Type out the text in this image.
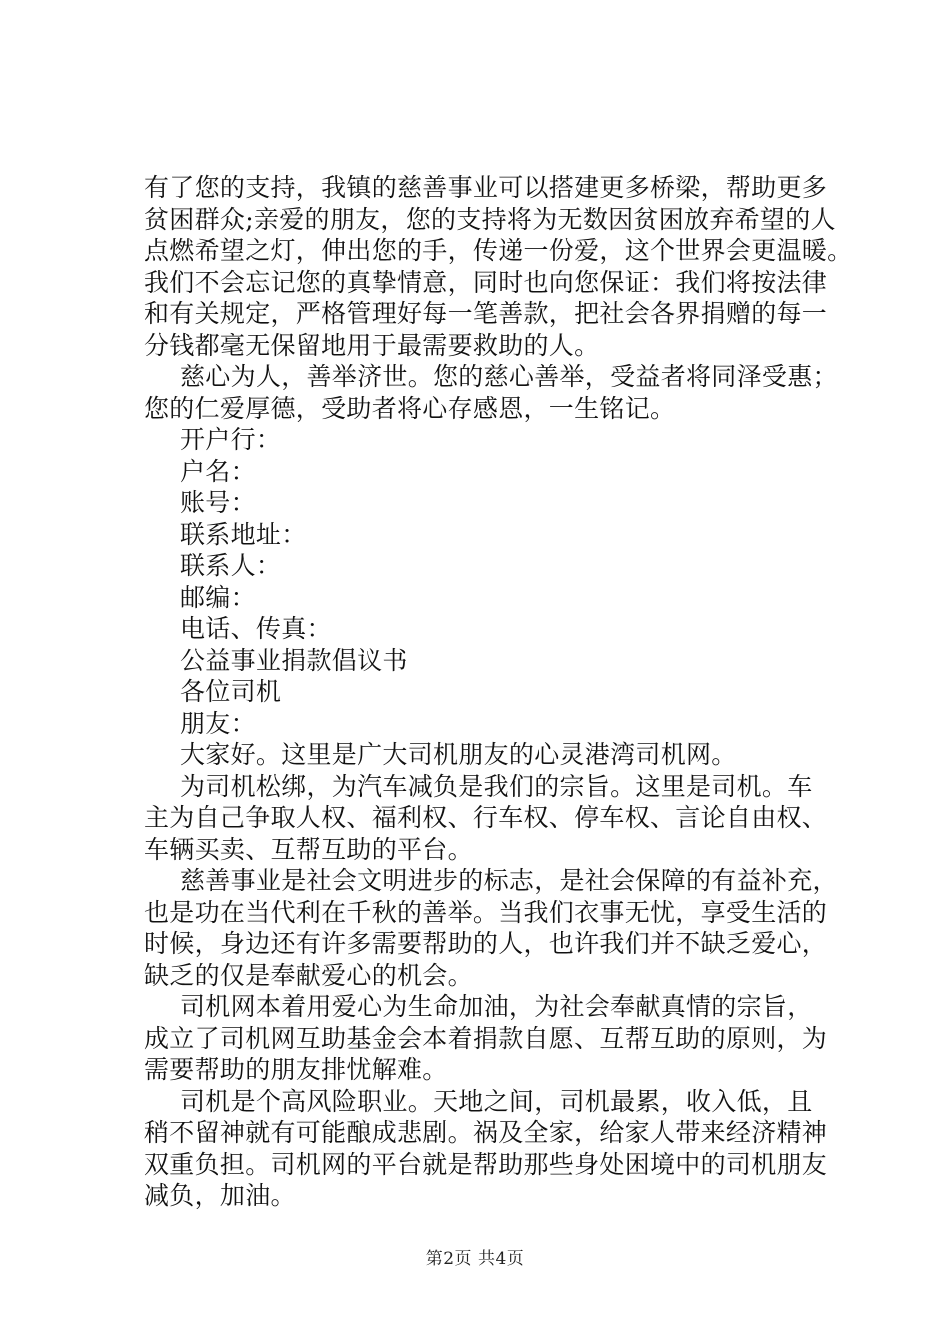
有了您的支持，我镇的慈善事业可以搭建更多桥梁，帮助更多
贫困群众;亲爱的朋友，您的支持将为无数因贫困放弃希望的人
点燃希望之灯，伸出您的手，传递一份爱，这个世界会更温暖。
我们不会忘记您的真挚情意，同时也向您保证：我们将按法律
和有关规定，严格管理好每一笔善款，把社会各界捐赠的每一
分钱都毫无保留地用于最需要救助的人。
慈心为人，善举济世。您的慈心善举，受益者将同泽受惠；
您的仁爱厚德，受助者将心存感恩，一生铭记。
开户行：
户名：
账号：
联系地址：
联系人：
邮编：
电话、传真：
公益事业捐款倡议书
各位司机
朋友：
大家好。这里是广大司机朋友的心灵港湾司机网。
为司机松绑，为汽车减负是我们的宗旨。这里是司机。车
主为自己争取人权、福利权、行车权、停车权、言论自由权、
车辆买卖、互帮互助的平台。
慈善事业是社会文明进步的标志，是社会保障的有益补充，
也是功在当代利在千秋的善举。当我们衣事无忧，享受生活的
时候，身边还有许多需要帮助的人，也许我们并不缺乏爱心，
缺乏的仅是奉献爱心的机会。
司机网本着用爱心为生命加油，为社会奉献真情的宗旨，
成立了司机网互助基金会本着捐款自愿、互帮互助的原则，为
需要帮助的朋友排忧解难。
司机是个高风险职业。天地之间，司机最累，收入低，且
稍不留神就有可能酿成悲剧。祸及全家，给家人带来经济精神
双重负担。司机网的平台就是帮助那些身处困境中的司机朋友
减负，加油。
第2页 共4页
